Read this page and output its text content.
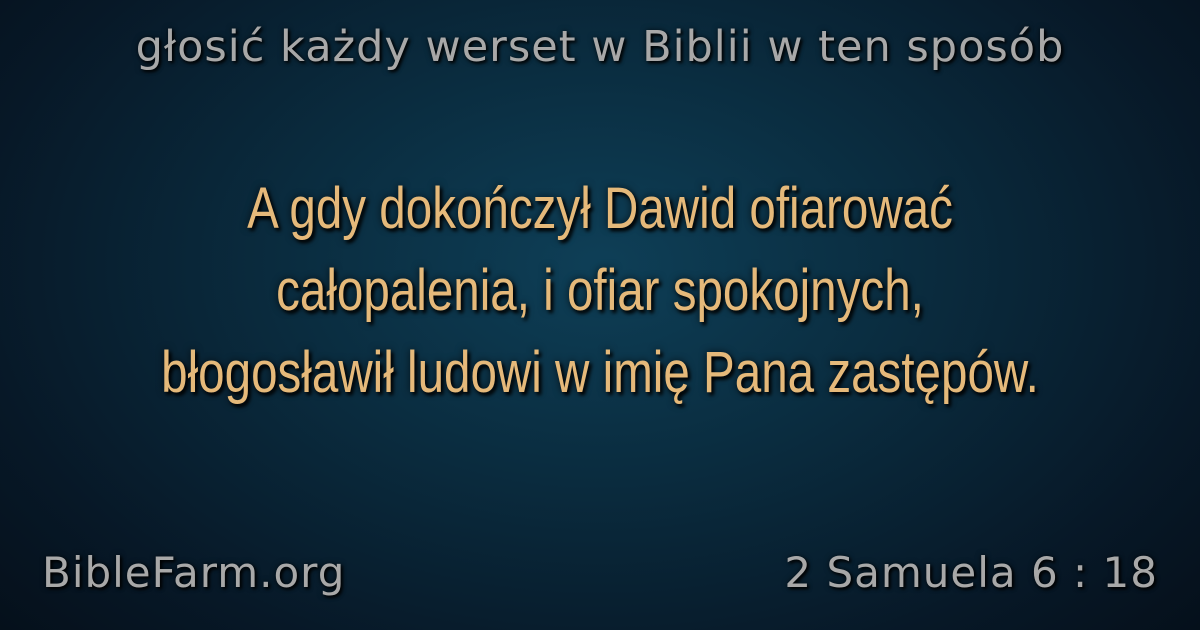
głosić każdy werset w Biblii w ten sposób
A gdy dokończył Dawid ofiarować
całopalenia, i ofiar spokojnych,
błogosławił ludowi w imię Pana zastępów.
BibleFarm.org	2 Samuela 6 : 18
